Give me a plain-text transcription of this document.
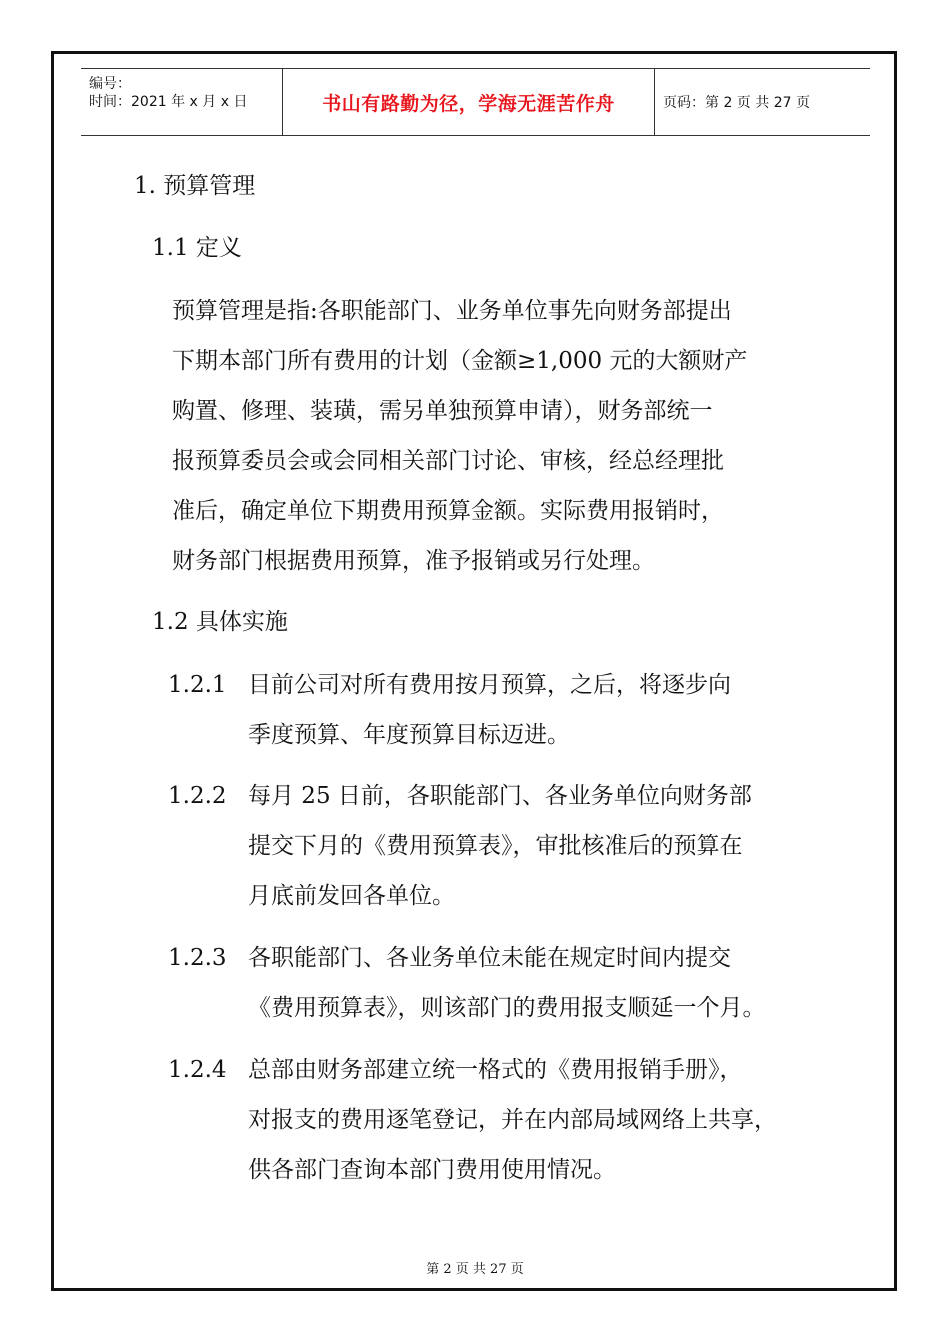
编号：
时间：2021 年 x 月 x 日	书山有路勤为径，学海无涯苦作舟	页码：第 2 页 共 27 页
1. 预算管理
1.1 定义
预算管理是指:各职能部门、业务单位事先向财务部提出
下期本部门所有费用的计划（金额≥1,000 元的大额财产
购置、修理、装璜，需另单独预算申请），财务部统一
报预算委员会或会同相关部门讨论、审核，经总经理批
准后，确定单位下期费用预算金额。实际费用报销时，
财务部门根据费用预算，准予报销或另行处理。
1.2 具体实施
1.2.1 目前公司对所有费用按月预算，之后，将逐步向
季度预算、年度预算目标迈进。
1.2.2 每月 25 日前，各职能部门、各业务单位向财务部
提交下月的《费用预算表》，审批核准后的预算在
月底前发回各单位。
1.2.3 各职能部门、各业务单位未能在规定时间内提交
《费用预算表》，则该部门的费用报支顺延一个月。
1.2.4 总部由财务部建立统一格式的《费用报销手册》，
对报支的费用逐笔登记，并在内部局域网络上共享，
供各部门查询本部门费用使用情况。
第 2 页 共 27 页
